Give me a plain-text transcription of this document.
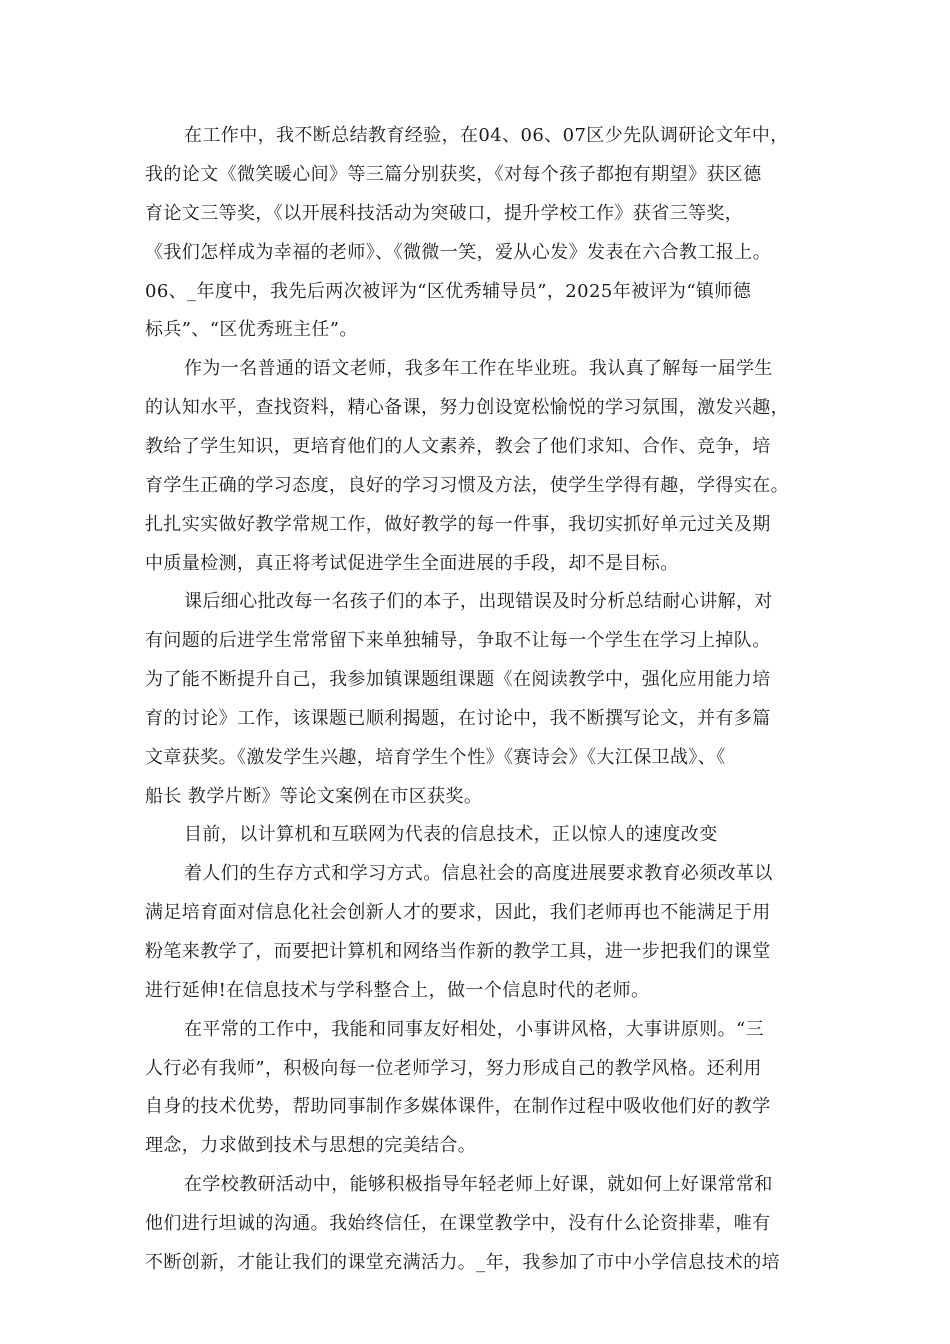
在工作中，我不断总结教育经验，在04、06、07区少先队调研论文年中，
我的论文《微笑暖心间》等三篇分别获奖，《对每个孩子都抱有期望》获区德
育论文三等奖，《以开展科技活动为突破口，提升学校工作》获省三等奖，
《我们怎样成为幸福的老师》、《微微一笑，爱从心发》发表在六合教工报上。
06、_年度中，我先后两次被评为“区优秀辅导员”，2025年被评为“镇师德
标兵”、“区优秀班主任”。
作为一名普通的语文老师，我多年工作在毕业班。我认真了解每一届学生
的认知水平，查找资料，精心备课，努力创设宽松愉悦的学习氛围，激发兴趣，
教给了学生知识，更培育他们的人文素养，教会了他们求知、合作、竞争，培
育学生正确的学习态度，良好的学习习惯及方法，使学生学得有趣，学得实在。
扎扎实实做好教学常规工作，做好教学的每一件事，我切实抓好单元过关及期
中质量检测，真正将考试促进学生全面进展的手段，却不是目标。
课后细心批改每一名孩子们的本子，出现错误及时分析总结耐心讲解，对
有问题的后进学生常常留下来单独辅导，争取不让每一个学生在学习上掉队。
为了能不断提升自己，我参加镇课题组课题《在阅读教学中，强化应用能力培
育的讨论》工作，该课题已顺利揭题，在讨论中，我不断撰写论文，并有多篇
文章获奖。《激发学生兴趣，培育学生个性》《赛诗会》《大江保卫战》、《
船长 教学片断》等论文案例在市区获奖。
目前，以计算机和互联网为代表的信息技术，正以惊人的速度改变
着人们的生存方式和学习方式。信息社会的高度进展要求教育必须改革以
满足培育面对信息化社会创新人才的要求，因此，我们老师再也不能满足于用
粉笔来教学了，而要把计算机和网络当作新的教学工具，进一步把我们的课堂
进行延伸!在信息技术与学科整合上，做一个信息时代的老师。
在平常的工作中，我能和同事友好相处，小事讲风格，大事讲原则。“三
人行必有我师”，积极向每一位老师学习，努力形成自己的教学风格。还利用
自身的技术优势，帮助同事制作多媒体课件，在制作过程中吸收他们好的教学
理念，力求做到技术与思想的完美结合。
在学校教研活动中，能够积极指导年轻老师上好课，就如何上好课常常和
他们进行坦诚的沟通。我始终信任，在课堂教学中，没有什么论资排辈，唯有
不断创新，才能让我们的课堂充满活力。_年，我参加了市中小学信息技术的培
